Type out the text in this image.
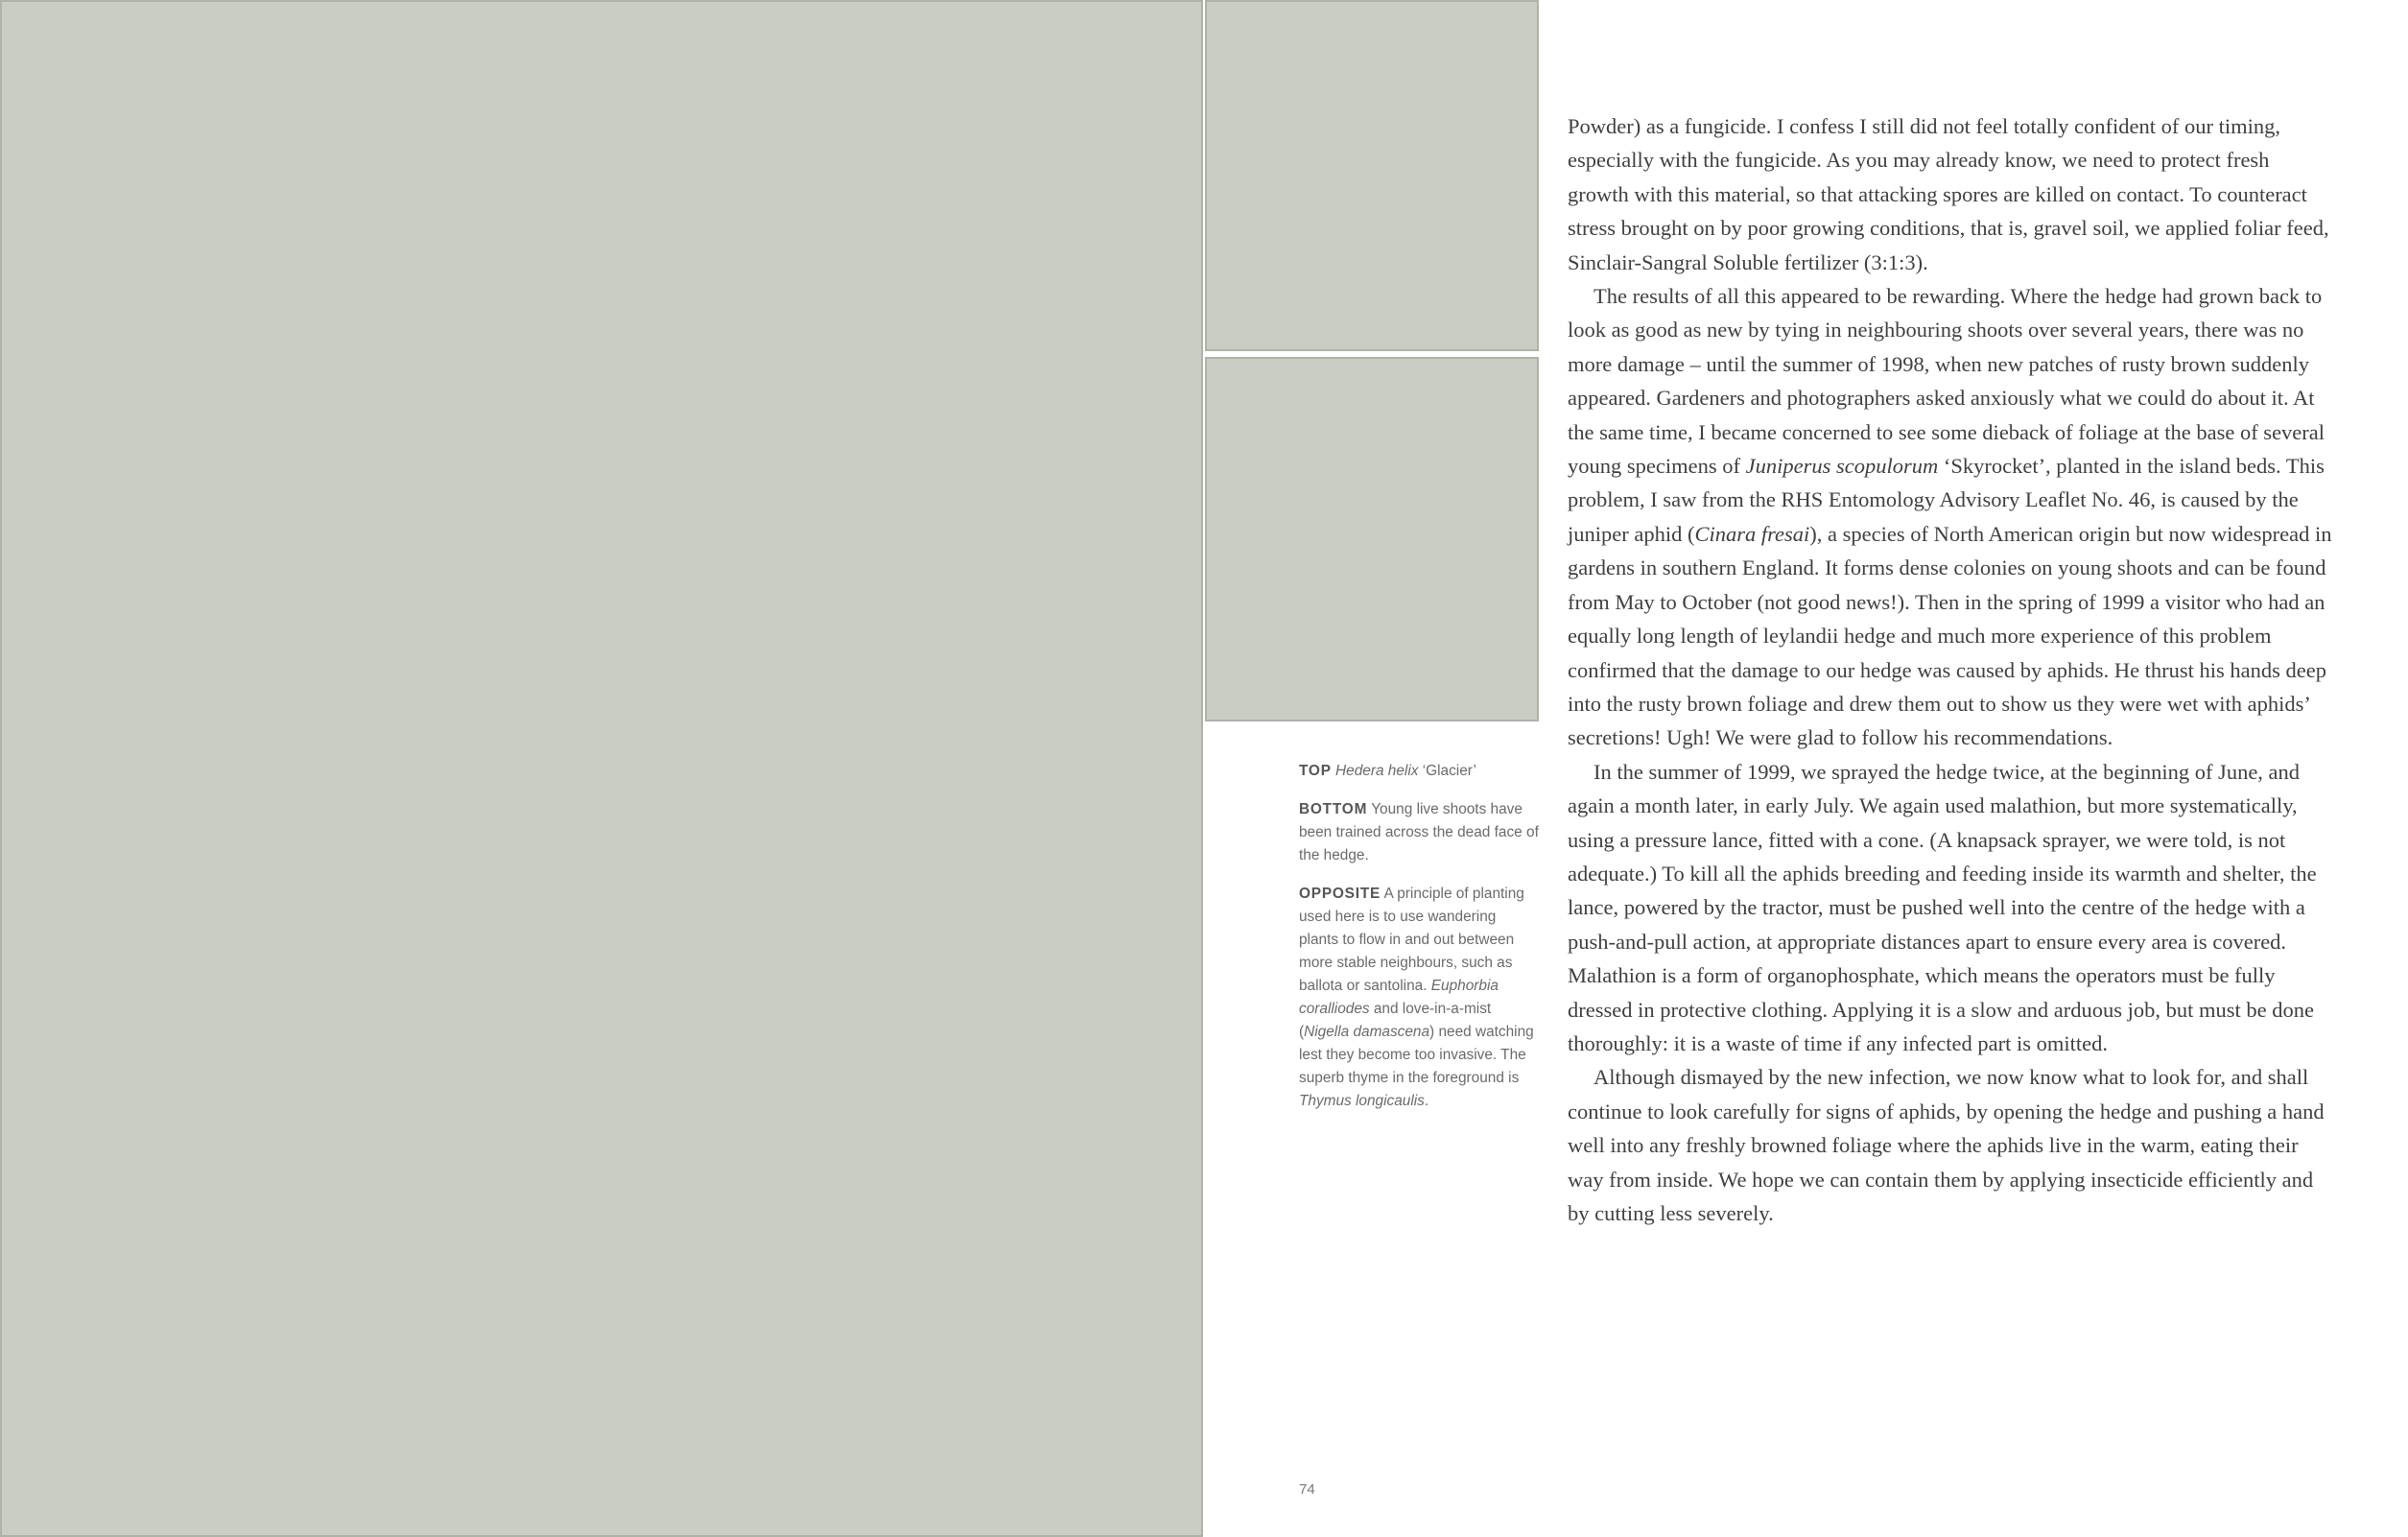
TOP Hedera helix ‘Glacier’

BOTTOM Young live shoots have been trained across the dead face of the hedge.

OPPOSITE A principle of planting used here is to use wandering plants to flow in and out between more stable neighbours, such as ballota or santolina. Euphorbia coralliodes and love-in-a-mist (Nigella damascena) need watching lest they become too invasive. The superb thyme in the foreground is Thymus longicaulis.

Powder) as a fungicide. I confess I still did not feel totally confident of our timing, especially with the fungicide. As you may already know, we need to protect fresh growth with this material, so that attacking spores are killed on contact. To counteract stress brought on by poor growing conditions, that is, gravel soil, we applied foliar feed, Sinclair-Sangral Soluble fertilizer (3:1:3).

The results of all this appeared to be rewarding. Where the hedge had grown back to look as good as new by tying in neighbouring shoots over several years, there was no more damage – until the summer of 1998, when new patches of rusty brown suddenly appeared. Gardeners and photographers asked anxiously what we could do about it. At the same time, I became concerned to see some dieback of foliage at the base of several young specimens of Juniperus scopulorum ‘Skyrocket’, planted in the island beds. This problem, I saw from the RHS Entomology Advisory Leaflet No. 46, is caused by the juniper aphid (Cinara fresai), a species of North American origin but now widespread in gardens in southern England. It forms dense colonies on young shoots and can be found from May to October (not good news!). Then in the spring of 1999 a visitor who had an equally long length of leylandii hedge and much more experience of this problem confirmed that the damage to our hedge was caused by aphids. He thrust his hands deep into the rusty brown foliage and drew them out to show us they were wet with aphids’ secretions! Ugh! We were glad to follow his recommendations.

In the summer of 1999, we sprayed the hedge twice, at the beginning of June, and again a month later, in early July. We again used malathion, but more systematically, using a pressure lance, fitted with a cone. (A knapsack sprayer, we were told, is not adequate.) To kill all the aphids breeding and feeding inside its warmth and shelter, the lance, powered by the tractor, must be pushed well into the centre of the hedge with a push-and-pull action, at appropriate distances apart to ensure every area is covered. Malathion is a form of organophosphate, which means the operators must be fully dressed in protective clothing. Applying it is a slow and arduous job, but must be done thoroughly: it is a waste of time if any infected part is omitted.

Although dismayed by the new infection, we now know what to look for, and shall continue to look carefully for signs of aphids, by opening the hedge and pushing a hand well into any freshly browned foliage where the aphids live in the warm, eating their way from inside. We hope we can contain them by applying insecticide efficiently and by cutting less severely.

74
